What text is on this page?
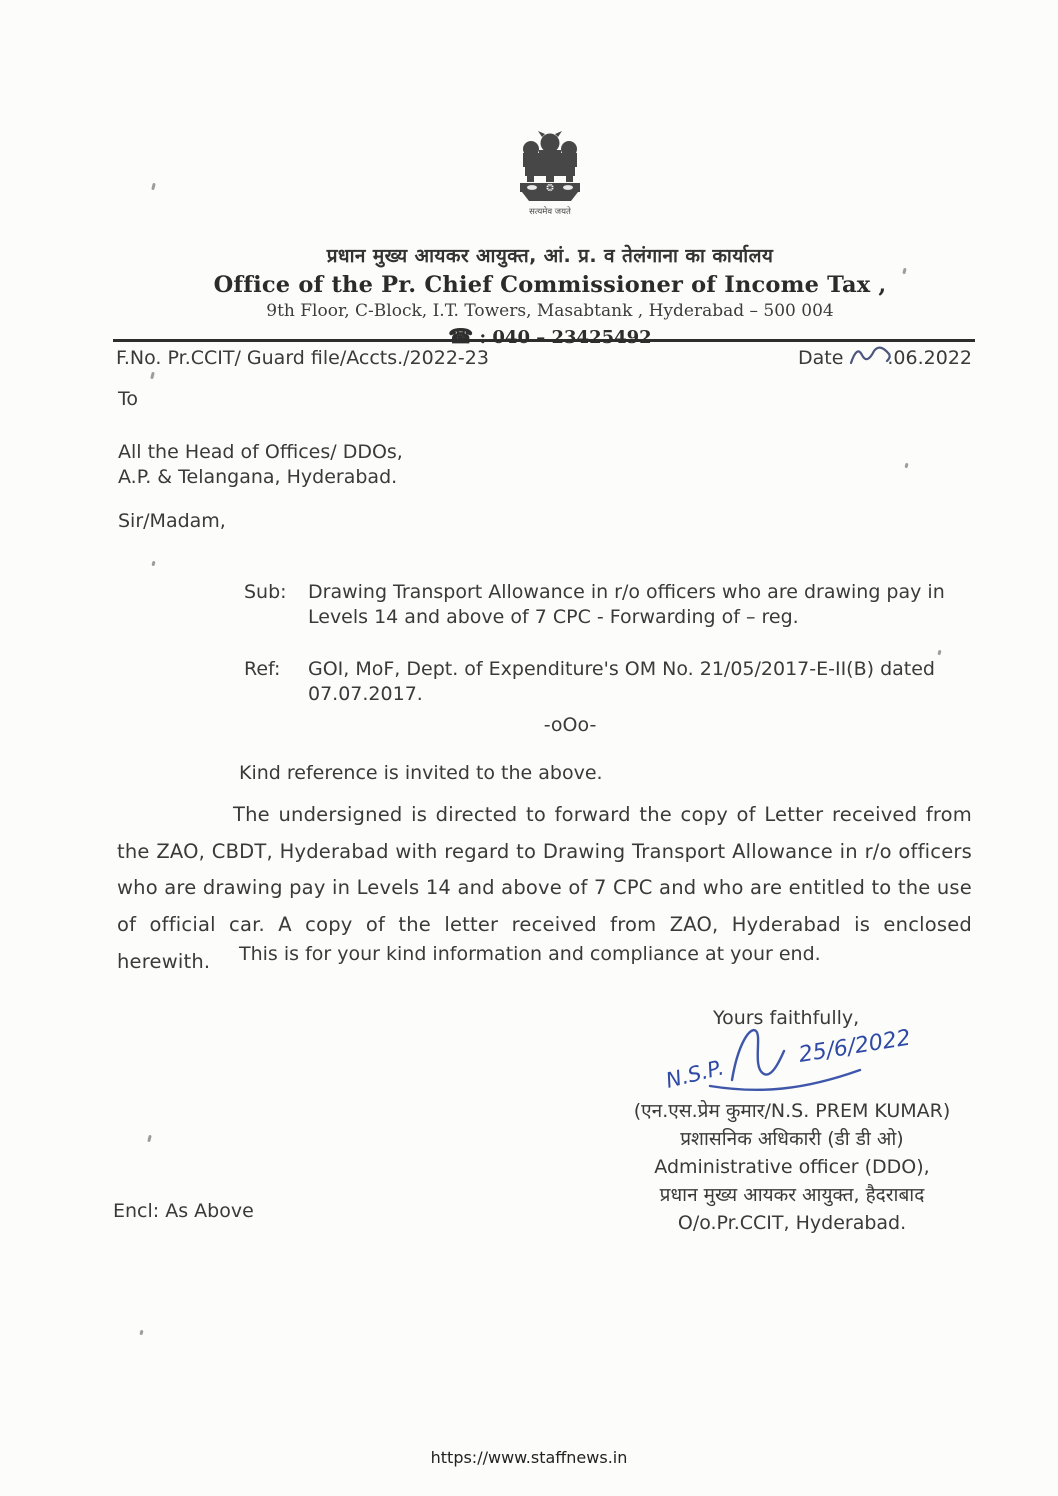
सत्यमेव जयते
प्रधान मुख्य आयकर आयुक्त, आं. प्र. व तेलंगाना का कार्यालय
Office of the Pr. Chief Commissioner of Income Tax ,
9th Floor, C-Block, I.T. Towers, Masabtank , Hyderabad – 500 004
☎ : 040 – 23425492
F.No. Pr.CCIT/ Guard file/Accts./2022-23	Date .06.2022
To
All the Head of Offices/ DDOs,
A.P. & Telangana, Hyderabad.
Sir/Madam,
Sub:	Drawing Transport Allowance in r/o officers who are drawing pay in Levels 14 and above of 7 CPC - Forwarding of – reg.
Ref:	GOI, MoF, Dept. of Expenditure's OM No. 21/05/2017-E-II(B) dated 07.07.2017.
-oOo-

Kind reference is invited to the above.

The undersigned is directed to forward the copy of Letter received from the ZAO, CBDT, Hyderabad with regard to Drawing Transport Allowance in r/o officers who are drawing pay in Levels 14 and above of 7 CPC and who are entitled to the use of official car. A copy of the letter received from ZAO, Hyderabad is enclosed herewith.	This is for your kind information and compliance at your end.

Yours faithfully,
N.S.P.
25/6/2022
(एन.एस.प्रेम कुमार/N.S. PREM KUMAR)
प्रशासनिक अधिकारी (डी डी ओ)
Administrative officer (DDO),
प्रधान मुख्य आयकर आयुक्त, हैदराबाद
O/o.Pr.CCIT, Hyderabad.
Encl: As Above
https://www.staffnews.in
